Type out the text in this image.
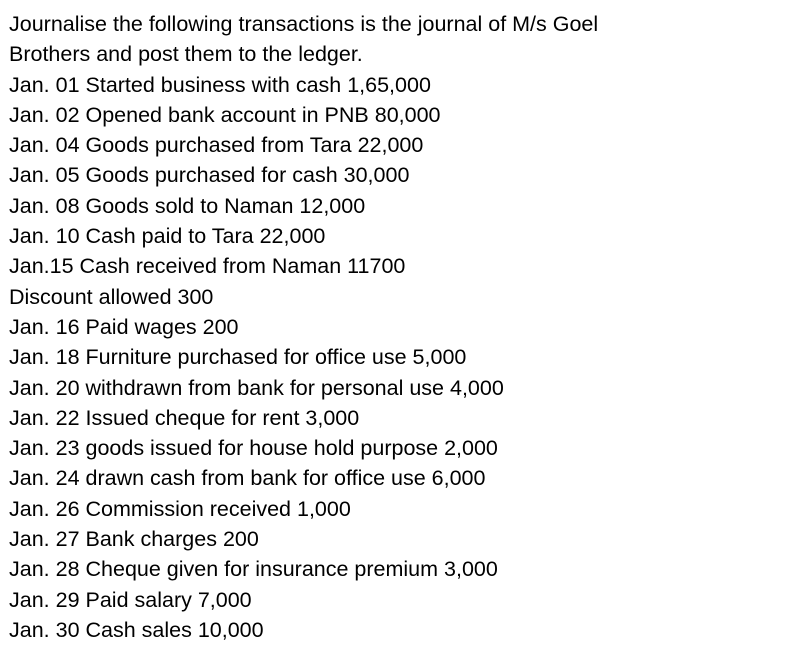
Journalise the following transactions is the journal of M/s Goel

Brothers and post them to the ledger.

Jan. 01 Started business with cash 1,65,000

Jan. 02 Opened bank account in PNB 80,000

Jan. 04 Goods purchased from Tara 22,000

Jan. 05 Goods purchased for cash 30,000

Jan. 08 Goods sold to Naman 12,000

Jan. 10 Cash paid to Tara 22,000

Jan.15 Cash received from Naman 11700

Discount allowed 300

Jan. 16 Paid wages 200

Jan. 18 Furniture purchased for office use 5,000

Jan. 20 withdrawn from bank for personal use 4,000

Jan. 22 Issued cheque for rent 3,000

Jan. 23 goods issued for house hold purpose 2,000

Jan. 24 drawn cash from bank for office use 6,000

Jan. 26 Commission received 1,000

Jan. 27 Bank charges 200

Jan. 28 Cheque given for insurance premium 3,000

Jan. 29 Paid salary 7,000

Jan. 30 Cash sales 10,000
